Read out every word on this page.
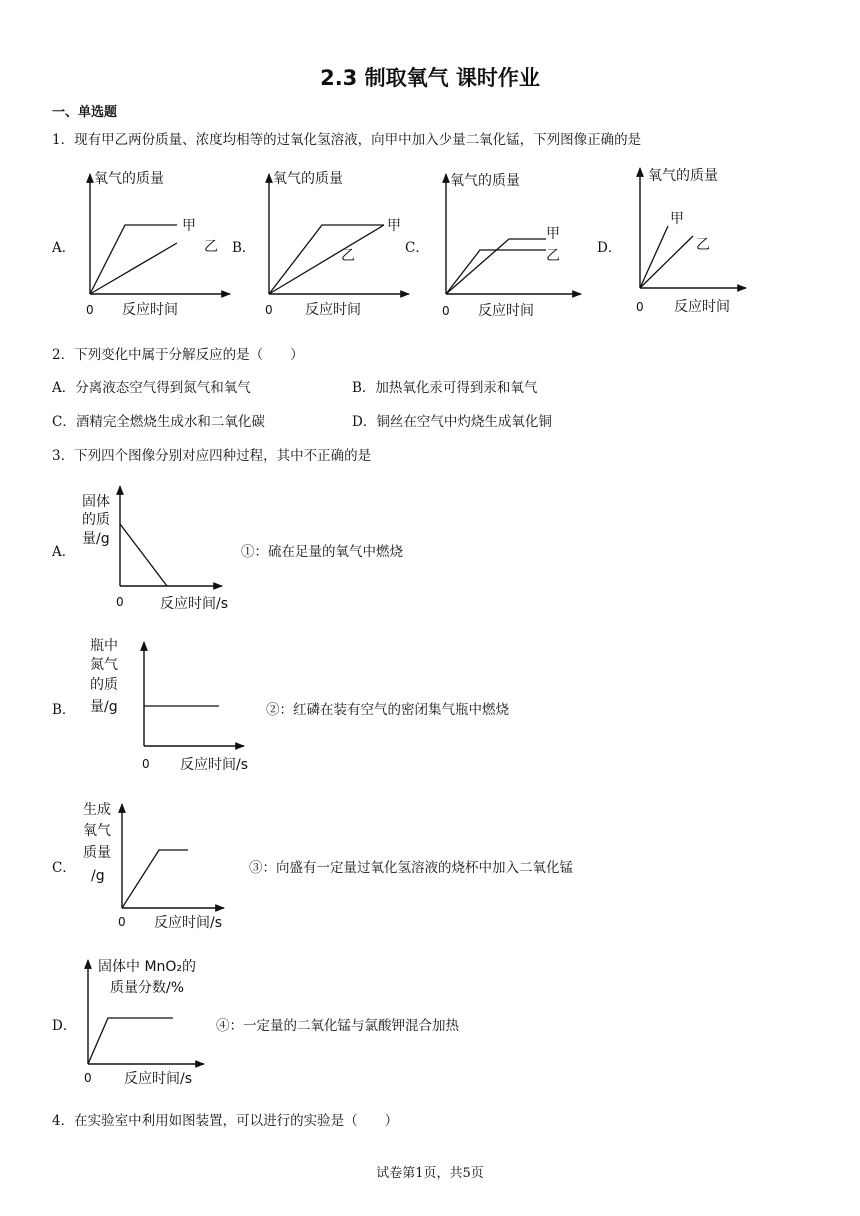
2.3 制取氧气 课时作业
一、单选题
1．现有甲乙两份质量、浓度均相等的过氧化氢溶液，向甲中加入少量二氧化锰，下列图像正确的是
A．
氧气的质量
反应时间
0
甲
乙 B．
氧气的质量
反应时间
0
甲
乙	C．
氧气的质量
反应时间
0
甲
乙	D．
氧气的质量
反应时间
0
甲
乙
2．下列变化中属于分解反应的是（　　）
A．分离液态空气得到氮气和氧气	B．加热氧化汞可得到汞和氧气
C．酒精完全燃烧生成水和二氧化碳	D．铜丝在空气中灼烧生成氧化铜
3．下列四个图像分别对应四种过程，其中不正确的是
A．
固体
的质
量/g
0	反应时间/s
①：硫在足量的氧气中燃烧
B．
瓶中
氮气
的质
量/g
0 反应时间/s
②：红磷在装有空气的密闭集气瓶中燃烧
C．
生成
氧气
质量
/g
0 反应时间/s
③：向盛有一定量过氧化氢溶液的烧杯中加入二氧化锰
D．
固体中 MnO₂的
质量分数/%
0 反应时间/s
④：一定量的二氧化锰与氯酸钾混合加热
4．在实验室中利用如图装置，可以进行的实验是（　　）
试卷第1页，共5页
